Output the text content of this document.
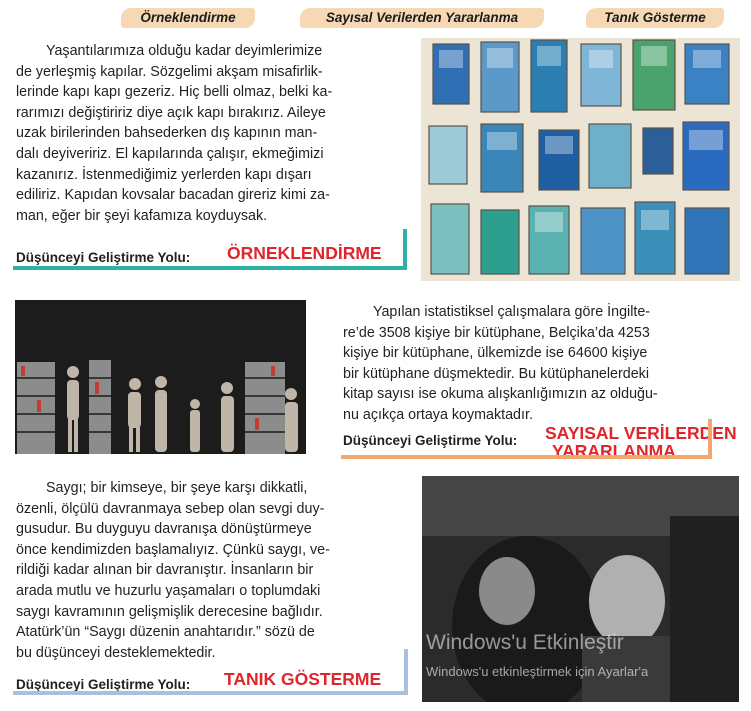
Örneklendirme	Sayısal Verilerden Yararlanma	Tanık Gösterme
Yaşantılarımıza olduğu kadar deyimlerimize
de yerleşmiş kapılar. Sözgelimi akşam misafirlik-
lerinde kapı kapı gezeriz. Hiç belli olmaz, belki ka-
rarımızı değiştiririz diye açık kapı bırakırız. Aileye
uzak birilerinden bahsederken dış kapının man-
dalı deyiveririz. El kapılarında çalışır, ekmeğimizi
kazanırız. İstenmediğimiz yerlerden kapı dışarı
ediliriz. Kapıdan kovsalar bacadan gireriz kimi za-
man, eğer bir şeyi kafamıza koyduysak.
Düşünceyi Geliştirme Yolu: ÖRNEKLENDİRME
Yapılan istatistiksel çalışmalara göre İngilte-
re’de 3508 kişiye bir kütüphane, Belçika’da 4253
kişiye bir kütüphane, ülkemizde ise 64600 kişiye
bir kütüphane düşmektedir. Bu kütüphanelerdeki
kitap sayısı ise okuma alışkanlığımızın az olduğu-
nu açıkça ortaya koymaktadır.
Düşünceyi Geliştirme Yolu: SAYISAL VERİLERDEN
YARARLANMA
Saygı; bir kimseye, bir şeye karşı dikkatli,
özenli, ölçülü davranmaya sebep olan sevgi duy-
gusudur. Bu duyguyu davranışa dönüştürmeye
önce kendimizden başlamalıyız. Çünkü saygı, ve-
rildiği kadar alınan bir davranıştır. İnsanların bir
arada mutlu ve huzurlu yaşamaları o toplumdaki
saygı kavramının gelişmişlik derecesine bağlıdır.
Atatürk’ün “Saygı düzenin anahtarıdır.” sözü de
bu düşünceyi desteklemektedir.
Düşünceyi Geliştirme Yolu: TANIK GÖSTERME
Windows'u Etkinleştir
Windows'u etkinleştirmek için Ayarlar'a
